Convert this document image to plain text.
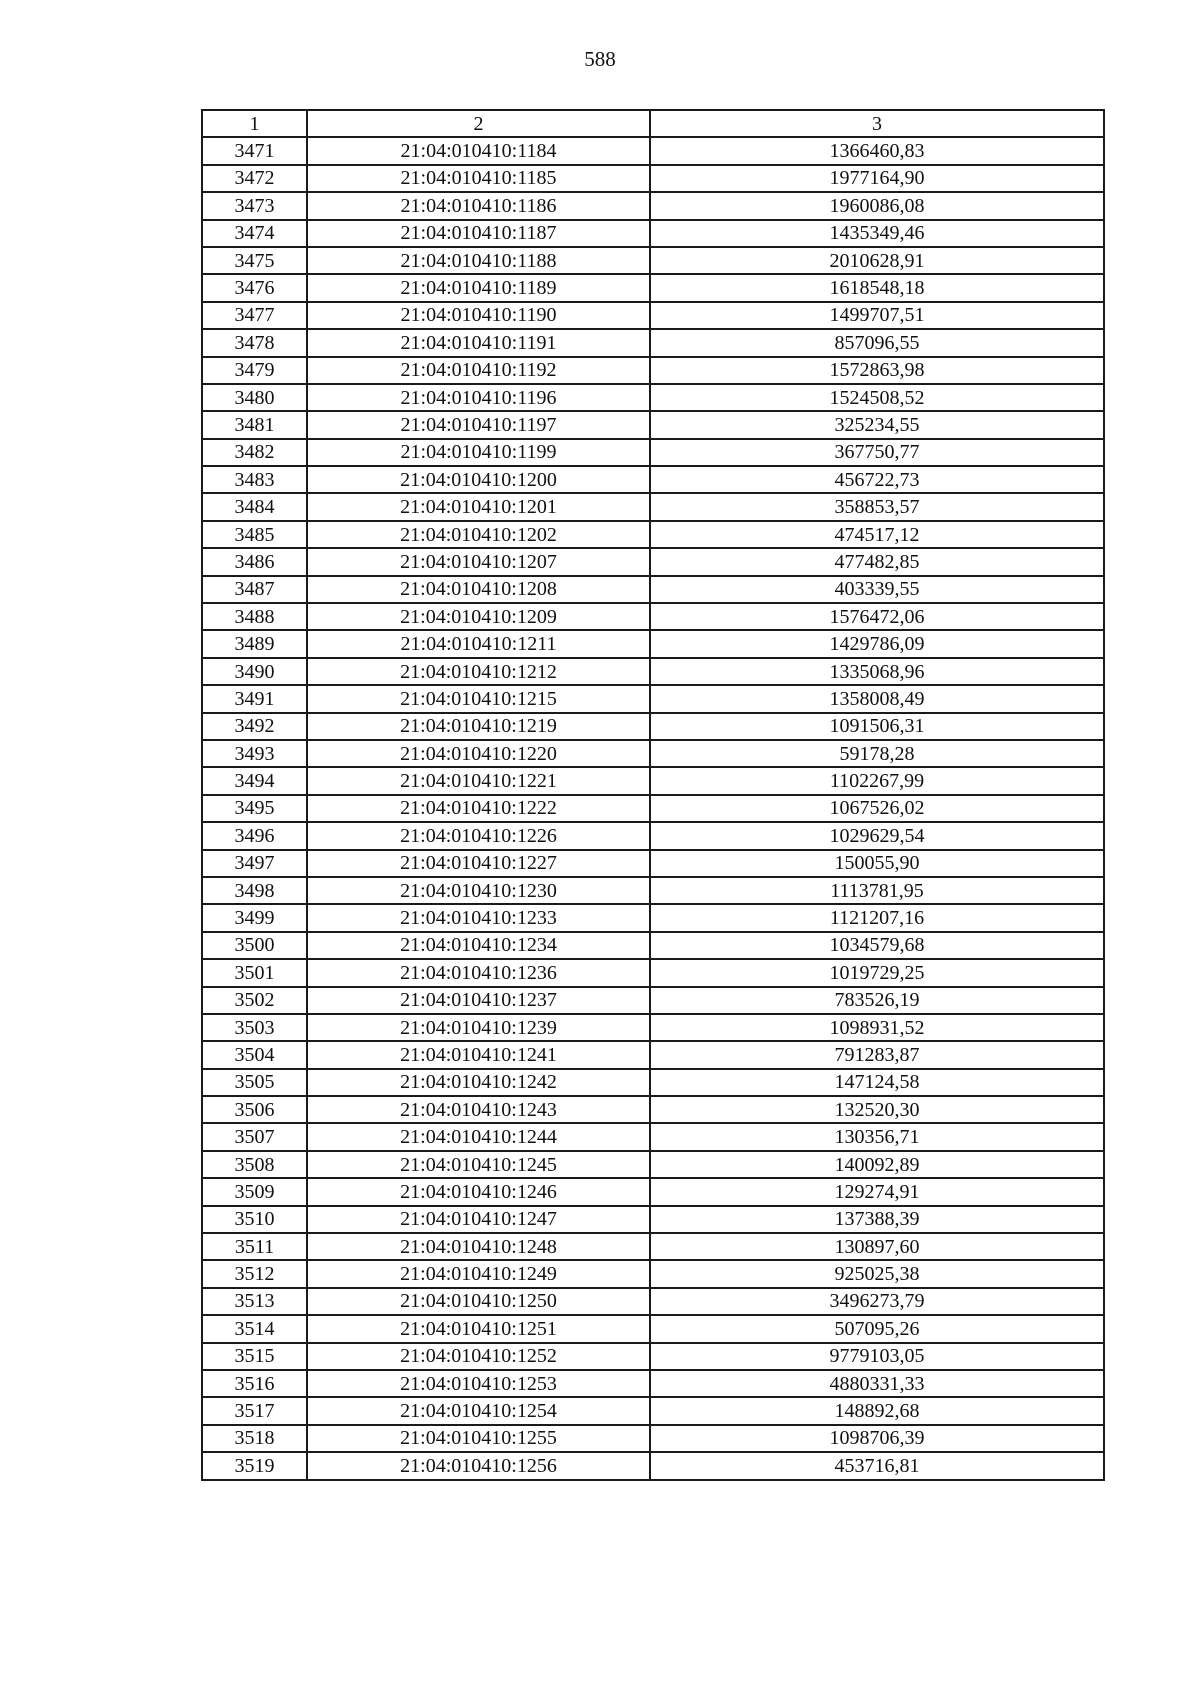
588
1	2	3
3471	21:04:010410:1184	1366460,83
3472	21:04:010410:1185	1977164,90
3473	21:04:010410:1186	1960086,08
3474	21:04:010410:1187	1435349,46
3475	21:04:010410:1188	2010628,91
3476	21:04:010410:1189	1618548,18
3477	21:04:010410:1190	1499707,51
3478	21:04:010410:1191	857096,55
3479	21:04:010410:1192	1572863,98
3480	21:04:010410:1196	1524508,52
3481	21:04:010410:1197	325234,55
3482	21:04:010410:1199	367750,77
3483	21:04:010410:1200	456722,73
3484	21:04:010410:1201	358853,57
3485	21:04:010410:1202	474517,12
3486	21:04:010410:1207	477482,85
3487	21:04:010410:1208	403339,55
3488	21:04:010410:1209	1576472,06
3489	21:04:010410:1211	1429786,09
3490	21:04:010410:1212	1335068,96
3491	21:04:010410:1215	1358008,49
3492	21:04:010410:1219	1091506,31
3493	21:04:010410:1220	59178,28
3494	21:04:010410:1221	1102267,99
3495	21:04:010410:1222	1067526,02
3496	21:04:010410:1226	1029629,54
3497	21:04:010410:1227	150055,90
3498	21:04:010410:1230	1113781,95
3499	21:04:010410:1233	1121207,16
3500	21:04:010410:1234	1034579,68
3501	21:04:010410:1236	1019729,25
3502	21:04:010410:1237	783526,19
3503	21:04:010410:1239	1098931,52
3504	21:04:010410:1241	791283,87
3505	21:04:010410:1242	147124,58
3506	21:04:010410:1243	132520,30
3507	21:04:010410:1244	130356,71
3508	21:04:010410:1245	140092,89
3509	21:04:010410:1246	129274,91
3510	21:04:010410:1247	137388,39
3511	21:04:010410:1248	130897,60
3512	21:04:010410:1249	925025,38
3513	21:04:010410:1250	3496273,79
3514	21:04:010410:1251	507095,26
3515	21:04:010410:1252	9779103,05
3516	21:04:010410:1253	4880331,33
3517	21:04:010410:1254	148892,68
3518	21:04:010410:1255	1098706,39
3519	21:04:010410:1256	453716,81
